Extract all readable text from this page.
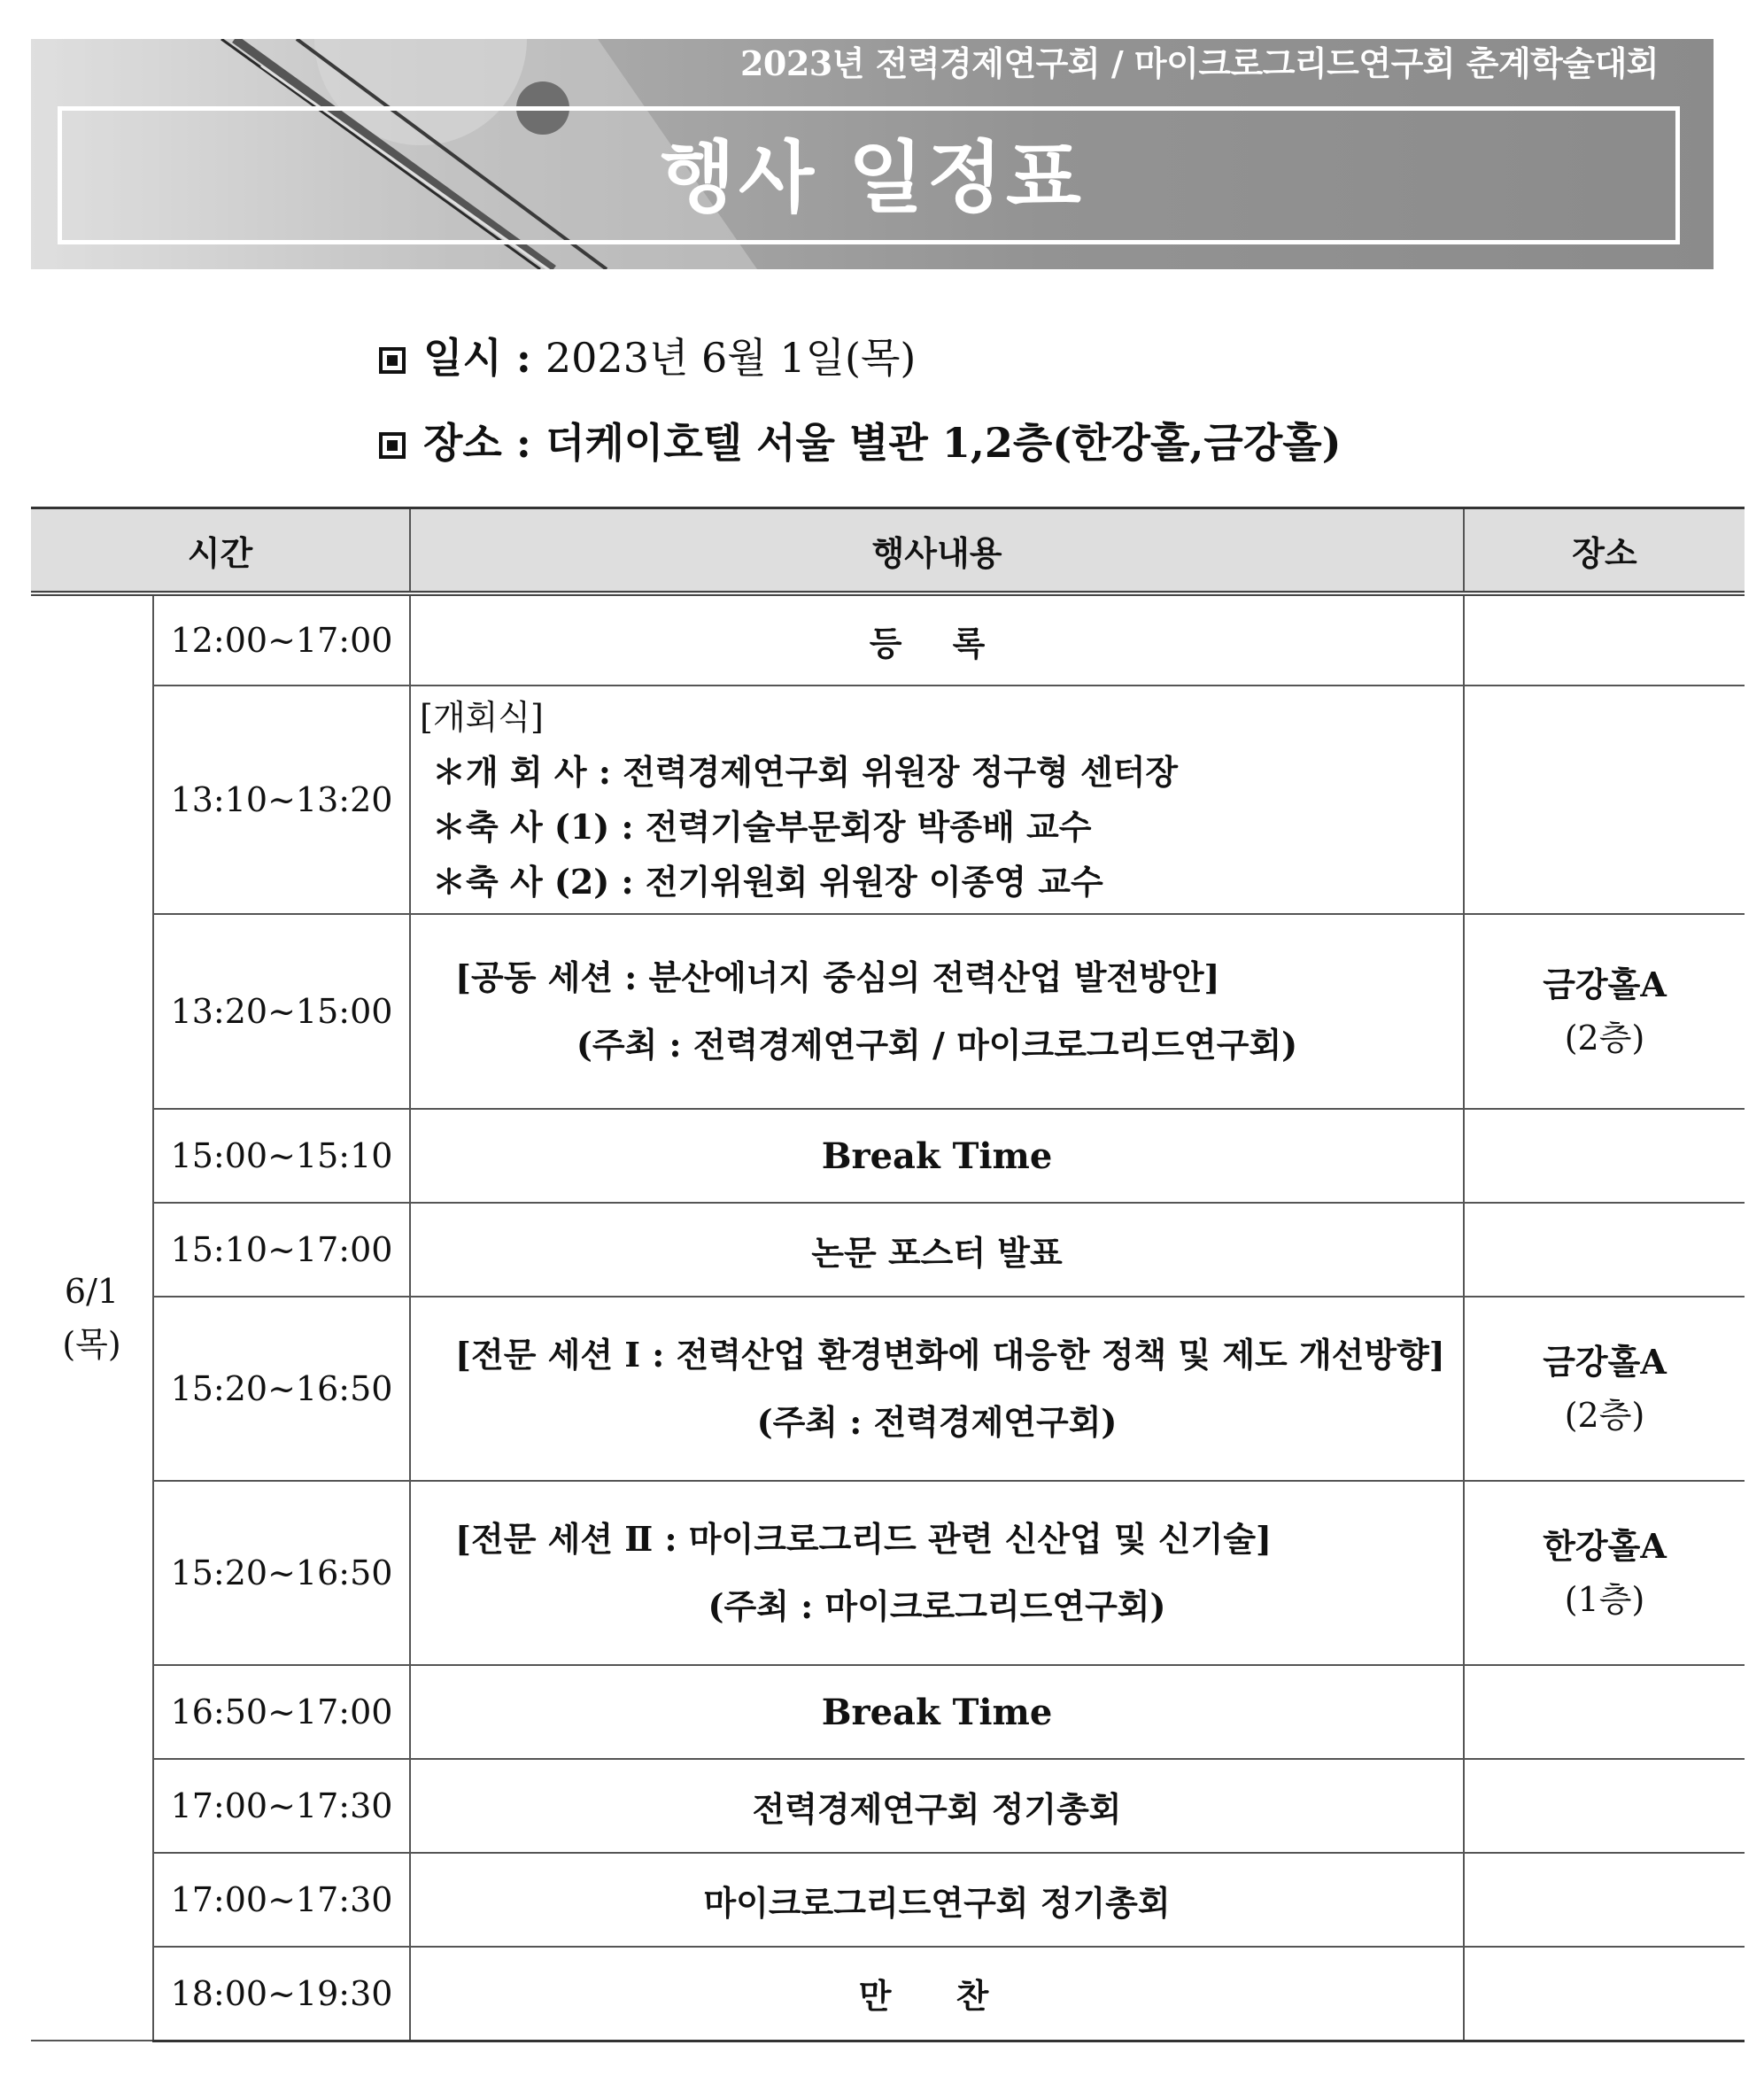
2023년 전력경제연구회 / 마이크로그리드연구회 춘계학술대회
행사 일정표
일시 : 2023년 6월 1일(목)
장소 : 더케이호텔 서울 별관 1,2층(한강홀,금강홀)
시간		행사내용	장소
6/1
(목)	12:00~17:00	등 록	
	13:10~13:20	[개회식]
＊개 회 사 : 전력경제연구회 위원장 정구형 센터장
＊축 사 (1) : 전력기술부문회장 박종배 교수
＊축 사 (2) : 전기위원회 위원장 이종영 교수	

	13:20~15:00	[공동 세션 : 분산에너지 중심의 전력산업 발전방안]
(주최 : 전력경제연구회 / 마이크로그리드연구회)	금강홀A
(2층)
	15:00~15:10	Break Time	
	15:10~17:00	논문 포스터 발표	
	15:20~16:50	[전문 세션 Ⅰ : 전력산업 환경변화에 대응한 정책 및 제도 개선방향]
(주최 : 전력경제연구회)	금강홀A
(2층)
	15:20~16:50	[전문 세션 Ⅱ : 마이크로그리드 관련 신산업 및 신기술]
(주최 : 마이크로그리드연구회)	한강홀A
(1층)
	16:50~17:00	Break Time	
	17:00~17:30	전력경제연구회 정기총회	
	17:00~17:30	마이크로그리드연구회 정기총회	
	18:00~19:30	만 찬	
